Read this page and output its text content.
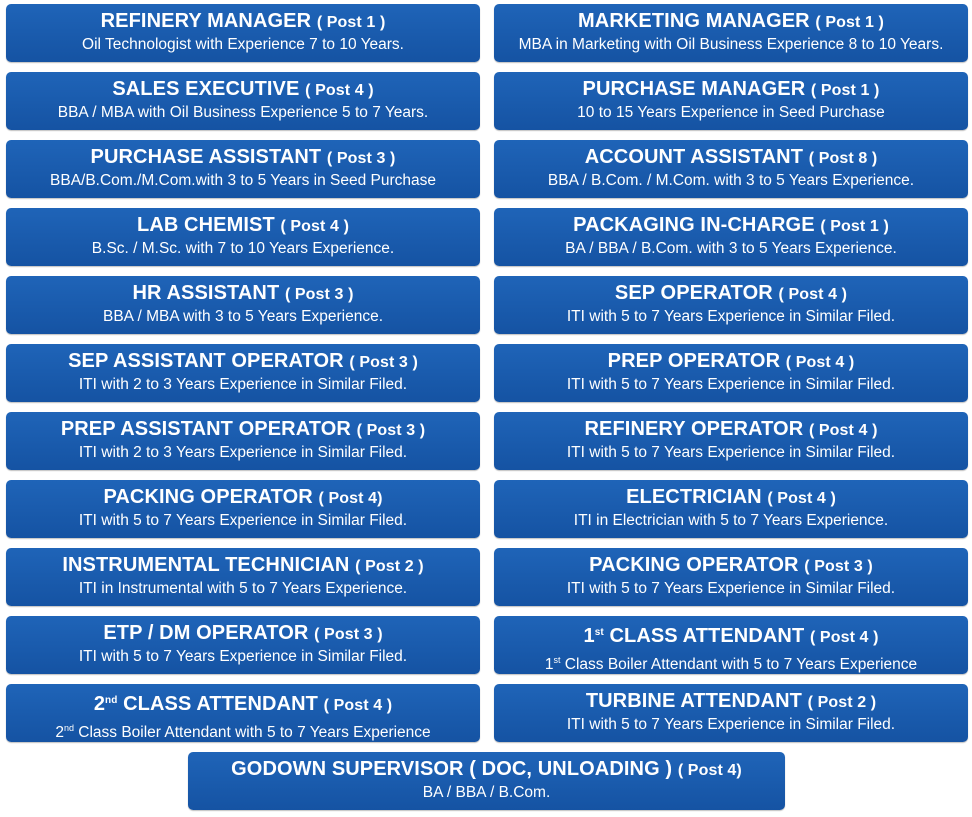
REFINERY MANAGER ( Post 1 )
Oil Technologist with Experience 7 to 10 Years.
MARKETING MANAGER ( Post 1 )
MBA in Marketing with Oil Business Experience 8 to 10 Years.
SALES EXECUTIVE ( Post 4 )
BBA / MBA with Oil Business Experience 5 to 7 Years.
PURCHASE MANAGER ( Post 1 )
10 to 15 Years Experience in Seed Purchase
PURCHASE ASSISTANT ( Post 3 )
BBA/B.Com./M.Com.with 3 to 5 Years in Seed Purchase
ACCOUNT ASSISTANT ( Post 8 )
BBA / B.Com. / M.Com. with 3 to 5 Years Experience.
LAB CHEMIST ( Post 4 )
B.Sc. / M.Sc. with 7 to 10 Years Experience.
PACKAGING IN-CHARGE ( Post 1 )
BA / BBA / B.Com. with 3 to 5 Years Experience.
HR ASSISTANT ( Post 3 )
BBA / MBA with 3 to 5 Years Experience.
SEP OPERATOR ( Post 4 )
ITI with 5 to 7 Years Experience in Similar Filed.
SEP ASSISTANT OPERATOR ( Post 3 )
ITI with 2 to 3 Years Experience in Similar Filed.
PREP OPERATOR ( Post 4 )
ITI with 5 to 7 Years Experience in Similar Filed.
PREP ASSISTANT OPERATOR ( Post 3 )
ITI with 2 to 3 Years Experience in Similar Filed.
REFINERY OPERATOR ( Post 4 )
ITI with 5 to 7 Years Experience in Similar Filed.
PACKING OPERATOR ( Post 4)
ITI with 5 to 7 Years Experience in Similar Filed.
ELECTRICIAN ( Post 4 )
ITI in Electrician with 5 to 7 Years Experience.
INSTRUMENTAL TECHNICIAN ( Post 2 )
ITI in Instrumental with 5 to 7 Years Experience.
PACKING OPERATOR ( Post 3 )
ITI with 5 to 7 Years Experience in Similar Filed.
ETP / DM OPERATOR ( Post 3 )
ITI with 5 to 7 Years Experience in Similar Filed.
1st CLASS ATTENDANT ( Post 4 )
1st Class Boiler Attendant with 5 to 7 Years Experience
2nd CLASS ATTENDANT ( Post 4 )
2nd Class Boiler Attendant with 5 to 7 Years Experience
TURBINE ATTENDANT ( Post 2 )
ITI with 5 to 7 Years Experience in Similar Filed.
GODOWN SUPERVISOR ( DOC, UNLOADING ) ( Post 4)
BA / BBA / B.Com.
